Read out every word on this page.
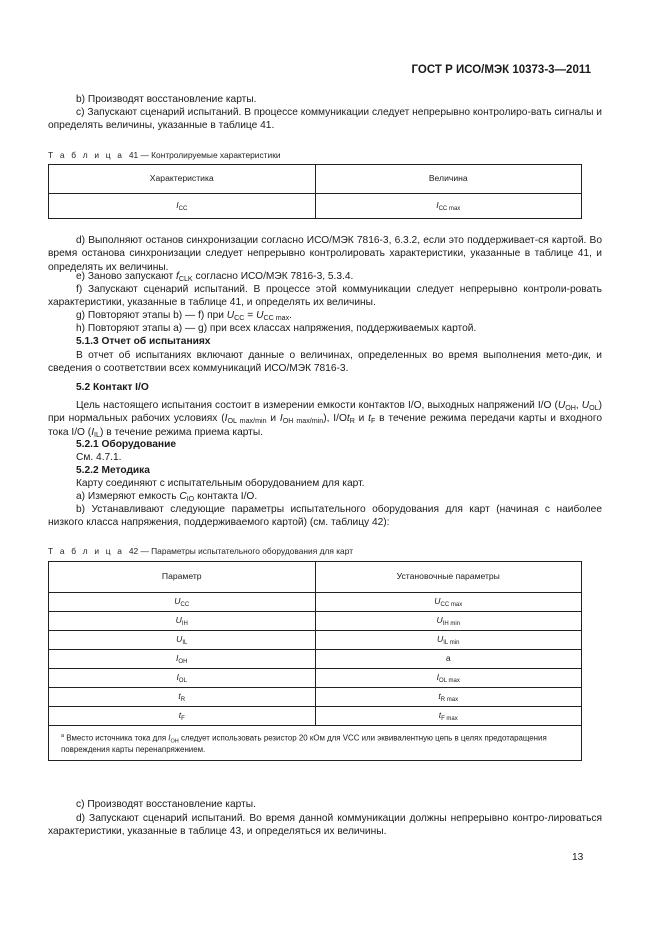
ГОСТ Р ИСО/МЭК 10373-3—2011
b) Производят восстановление карты.
c) Запускают сценарий испытаний. В процессе коммуникации следует непрерывно контролиро-вать сигналы и определять величины, указанные в таблице 41.
Т а б л и ц а 41 — Контролируемые характеристики
Характеристика	Величина
$I_{CC}$	$I_{CC max}$
d) Выполняют останов синхронизации согласно ИСО/МЭК 7816-3, 6.3.2, если это поддерживает-ся картой. Во время останова синхронизации следует непрерывно контролировать характеристики, указанные в таблице 41, и определять их величины.
e) Заново запускают $f_{CLK}$ согласно ИСО/МЭК 7816-3, 5.3.4.
f) Запускают сценарий испытаний. В процессе этой коммуникации следует непрерывно контроли-ровать характеристики, указанные в таблице 41, и определять их величины.
g) Повторяют этапы b) — f) при $U_{CC} = U_{CC max}$.
h) Повторяют этапы a) — g) при всех классах напряжения, поддерживаемых картой.
5.1.3 Отчет об испытаниях
В отчет об испытаниях включают данные о величинах, определенных во время выполнения мето-дик, и сведения о соответствии всех коммуникаций ИСО/МЭК 7816-3.
5.2 Контакт I/O
Цель настоящего испытания состоит в измерении емкости контактов I/O, выходных напряжений I/O ($U_{OH}$, $U_{OL}$) при нормальных рабочих условиях ($I_{OL max/min}$ и $I_{OH max/min}$), $I/Ot_R$ и $t_F$ в течение режима передачи карты и входного тока I/O $(I_{IL})$ в течение режима приема карты.
5.2.1 Оборудование
См. 4.7.1.
5.2.2 Методика
Карту соединяют с испытательным оборудованием для карт.
a) Измеряют емкость $C_{IO}$ контакта I/O.
b) Устанавливают следующие параметры испытательного оборудования для карт (начиная с наиболее низкого класса напряжения, поддерживаемого картой) (см. таблицу 42):
Т а б л и ц а 42 — Параметры испытательного оборудования для карт
Параметр	Установочные параметры
$U_{CC}$	$U_{CC max}$
$U_{IH}$	$U_{IH min}$
$U_{IL}$	$U_{IL min}$
$I_{OH}$	a
$I_{OL}$	$I_{OL max}$
$t_R$	$t_{R max}$
$t_F$	$t_{F max}$
$^a$ Вместо источника тока для $I_{OH}$ следует использовать резистор 20 кОм для VCC или эквивалентную цепь в целях предотаращения повреждения карты перенапряжением.	
c) Производят восстановление карты.
d) Запускают сценарий испытаний. Во время данной коммуникации должны непрерывно контро-лироваться характеристики, указанные в таблице 43, и определяться их величины.
13
